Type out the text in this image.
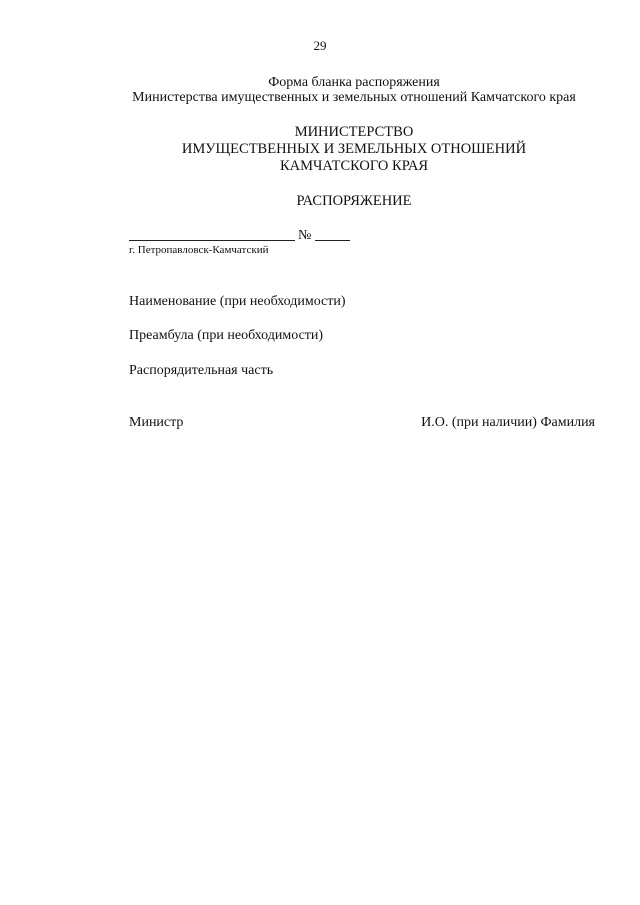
29
Форма бланка распоряжения
Министерства имущественных и земельных отношений Камчатского края
МИНИСТЕРСТВО
ИМУЩЕСТВЕННЫХ И ЗЕМЕЛЬНЫХ ОТНОШЕНИЙ
КАМЧАТСКОГО КРАЯ
РАСПОРЯЖЕНИЕ
№
г. Петропавловск-Камчатский
Наименование (при необходимости)
Преамбула (при необходимости)
Распорядительная часть
Министр	И.О. (при наличии) Фамилия
